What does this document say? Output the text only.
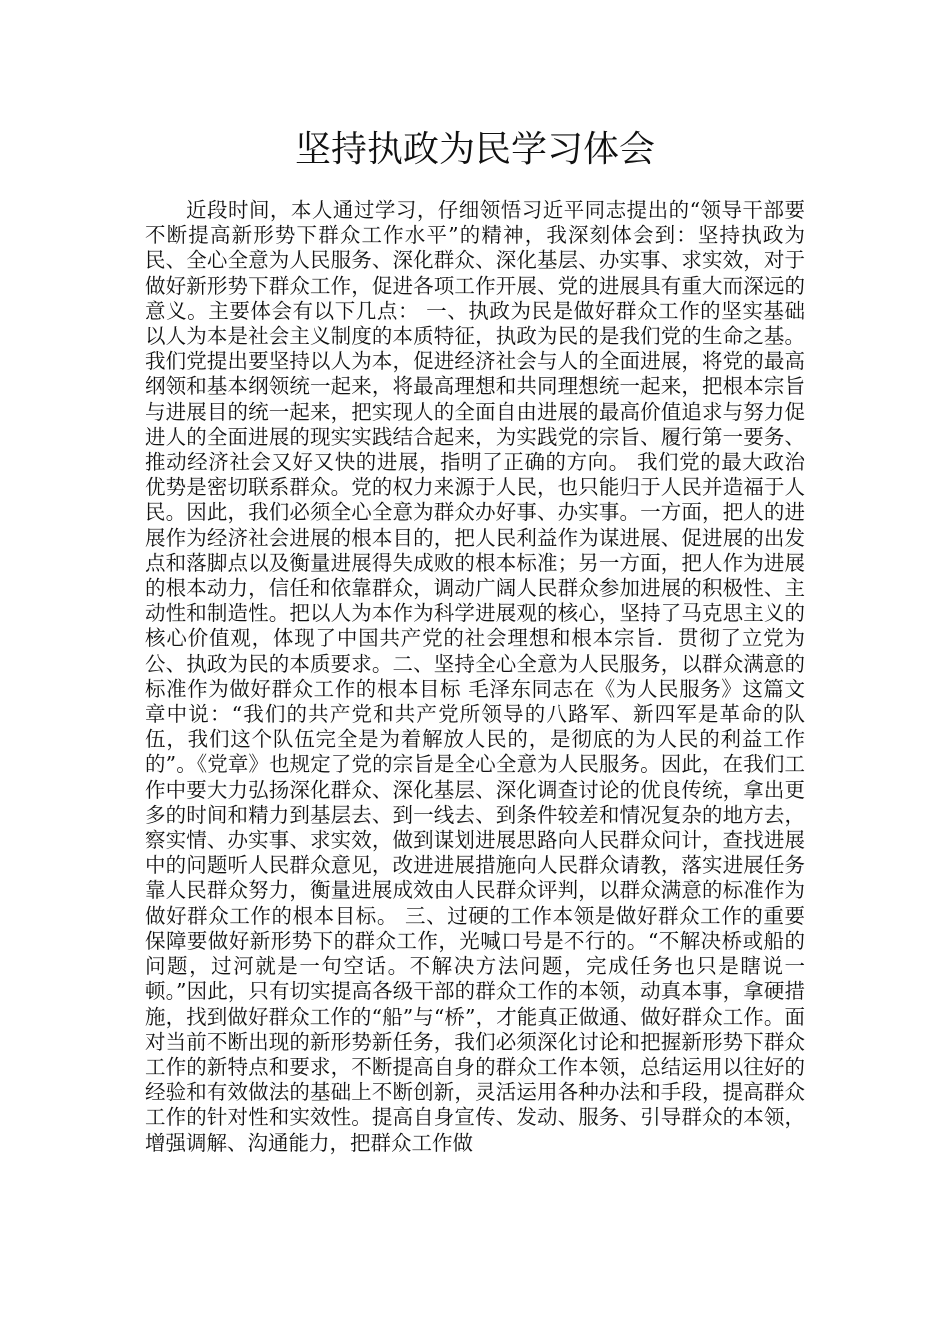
坚持执政为民学习体会

近段时间，本人通过学习，仔细领悟习近平同志提出的“领导干部要不断提高新形势下群众工作水平”的精神，我深刻体会到：坚持执政为民、全心全意为人民服务、深化群众、深化基层、办实事、求实效，对于做好新形势下群众工作，促进各项工作开展、党的进展具有重大而深远的意义。主要体会有以下几点： 一、执政为民是做好群众工作的坚实基础以人为本是社会主义制度的本质特征，执政为民的是我们党的生命之基。我们党提出要坚持以人为本，促进经济社会与人的全面进展，将党的最高纲领和基本纲领统一起来，将最高理想和共同理想统一起来，把根本宗旨与进展目的统一起来，把实现人的全面自由进展的最高价值追求与努力促进人的全面进展的现实实践结合起来，为实践党的宗旨、履行第一要务、推动经济社会又好又快的进展，指明了正确的方向。 我们党的最大政治优势是密切联系群众。党的权力来源于人民，也只能归于人民并造福于人民。因此，我们必须全心全意为群众办好事、办实事。一方面，把人的进展作为经济社会进展的根本目的，把人民利益作为谋进展、促进展的出发点和落脚点以及衡量进展得失成败的根本标准；另一方面，把人作为进展的根本动力，信任和依靠群众，调动广阔人民群众参加进展的积极性、主动性和制造性。把以人为本作为科学进展观的核心，坚持了马克思主义的核心价值观，体现了中国共产党的社会理想和根本宗旨．贯彻了立党为公、执政为民的本质要求。二、坚持全心全意为人民服务，以群众满意的标准作为做好群众工作的根本目标 毛泽东同志在《为人民服务》这篇文章中说：“我们的共产党和共产党所领导的八路军、新四军是革命的队伍，我们这个队伍完全是为着解放人民的，是彻底的为人民的利益工作的”。《党章》也规定了党的宗旨是全心全意为人民服务。因此，在我们工作中要大力弘扬深化群众、深化基层、深化调查讨论的优良传统，拿出更多的时间和精力到基层去、到一线去、到条件较差和情况复杂的地方去，察实情、办实事、求实效，做到谋划进展思路向人民群众问计，查找进展中的问题听人民群众意见，改进进展措施向人民群众请教，落实进展任务靠人民群众努力，衡量进展成效由人民群众评判，以群众满意的标准作为做好群众工作的根本目标。 三、过硬的工作本领是做好群众工作的重要保障要做好新形势下的群众工作，光喊口号是不行的。“不解决桥或船的问题，过河就是一句空话。不解决方法问题，完成任务也只是瞎说一顿。”因此，只有切实提高各级干部的群众工作的本领，动真本事，拿硬措施，找到做好群众工作的“船”与“桥”，才能真正做通、做好群众工作。面对当前不断出现的新形势新任务，我们必须深化讨论和把握新形势下群众工作的新特点和要求，不断提高自身的群众工作本领，总结运用以往好的经验和有效做法的基础上不断创新，灵活运用各种办法和手段，提高群众工作的针对性和实效性。提高自身宣传、发动、服务、引导群众的本领，增强调解、沟通能力，把群众工作做
